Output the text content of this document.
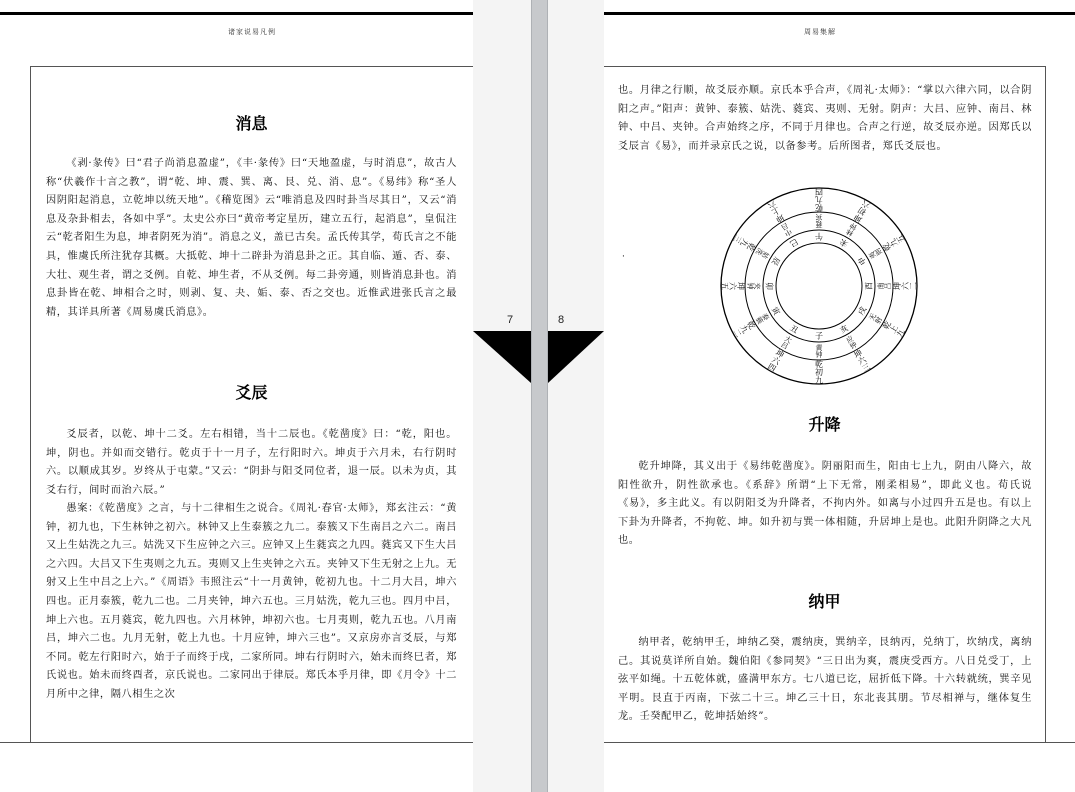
7	8
诸家说易凡例
消息

《剥·彖传》曰“君子尚消息盈虚”，《丰·彖传》曰“天地盈虚，与时消息”，故古人称“伏羲作十言之教”，谓“乾、坤、震、巽、离、艮、兑、消、息”。《易纬》称“圣人因阴阳起消息，立乾坤以统天地”。《稽览图》云“唯消息及四时卦当尽其日”，又云“消息及杂卦相去，各如中孚”。太史公亦曰“黄帝考定星历，建立五行，起消息”，皇侃注云“乾者阳生为息，坤者阴死为消”。消息之义，盖已古矣。孟氏传其学，荀氏言之不能具，惟虞氏所注犹存其概。大抵乾、坤十二辟卦为消息卦之正。其自临、遁、否、泰、大壮、观生者，谓之爻例。自乾、坤生者，不从爻例。每二卦旁通，则皆消息卦也。消息卦皆在乾、坤相合之时，则剥、复、夬、姤、泰、否之交也。近惟武进张氏言之最精，其详具所著《周易虞氏消息》。

爻辰

爻辰者，以乾、坤十二爻。左右相错，当十二辰也。《乾凿度》曰：“乾，阳也。坤，阴也。并如而交错行。乾贞于十一月子，左行阳时六。坤贞于六月未，右行阴时六。以顺成其岁。岁终从于屯蒙。”又云：“阴卦与阳爻同位者，退一辰。以未为贞，其爻右行，间时而治六辰。”

愚案：《乾凿度》之言，与十二律相生之说合。《周礼·春官·太师》，郑玄注云：“黄钟，初九也，下生林钟之初六。林钟又上生泰簇之九二。泰簇又下生南吕之六二。南吕又上生姑洗之九三。姑洗又下生应钟之六三。应钟又上生蕤宾之九四。蕤宾又下生大吕之六四。大吕又下生夷则之九五。夷则又上生夹钟之六五。夹钟又下生无射之上九。无射又上生中吕之上六。”《周语》韦照注云“十一月黄钟，乾初九也。十二月大吕，坤六四也。正月泰簇，乾九二也。二月夹钟，坤六五也。三月姑洗，乾九三也。四月中吕，坤上六也。五月蕤宾，乾九四也。六月林钟，坤初六也。七月夷则，乾九五也。八月南吕，坤六二也。九月无射，乾上九也。十月应钟，坤六三也”。又京房亦言爻辰，与郑不同。乾左行阳时六，始于子而终于戌，二家所同。坤右行阴时六，始未而终巳者，郑氏说也。始未而终酉者，京氏说也。二家同出于律辰。郑氏本乎月律，即《月令》十二月所中之律，隔八相生之次

周易集解

也。月律之行顺，故爻辰亦顺。京氏本乎合声，《周礼·太师》：“掌以六律六同，以合阴阳之声。”阳声：黄钟、泰簇、姑洗、蕤宾、夷则、无射。阴声：大吕、应钟、南吕、林钟、中吕、夹钟。合声始终之序，不同于月律也。合声之行逆，故爻辰亦逆。因郑氏以爻辰言《易》，而并录京氏之说，以备参考。后所图者，郑氏爻辰也。

·
乾初九
坤六四
乾九二
坤六五
乾九三
坤上六	乾九四	坤初六
乾九五
坤六二
乾上九
坤六三
黄钟
大吕
泰簇
夹钟
姑洗
中吕
蕤宾
林钟
夷则
南吕
无射
应钟
子
丑
寅
卯
辰
巳
午
未
申
酉
戌
亥
升降

乾升坤降，其义出于《易纬乾凿度》。阴丽阳而生，阳由七上九，阴由八降六，故阳性欲升，阴性欲承也。《系辞》所谓“上下无常，刚柔相易”，即此义也。荀氏说《易》，多主此义。有以阴阳爻为升降者，不拘内外。如离与小过四升五是也。有以上下卦为升降者，不拘乾、坤。如升初与巽一体相随，升居坤上是也。此阳升阴降之大凡也。

纳甲

纳甲者，乾纳甲壬，坤纳乙癸，震纳庚，巽纳辛，艮纳丙，兑纳丁，坎纳戊，离纳己。其说莫详所自始。魏伯阳《参同契》“三日出为爽，震庚受西方。八日兑受丁，上弦平如绳。十五乾体就，盛满甲东方。七八道已讫，屈折低下降。十六转就统，巽辛见平明。艮直于丙南，下弦二十三。坤乙三十日，东北丧其朋。节尽相禅与，继体复生龙。壬癸配甲乙，乾坤括始终”。
